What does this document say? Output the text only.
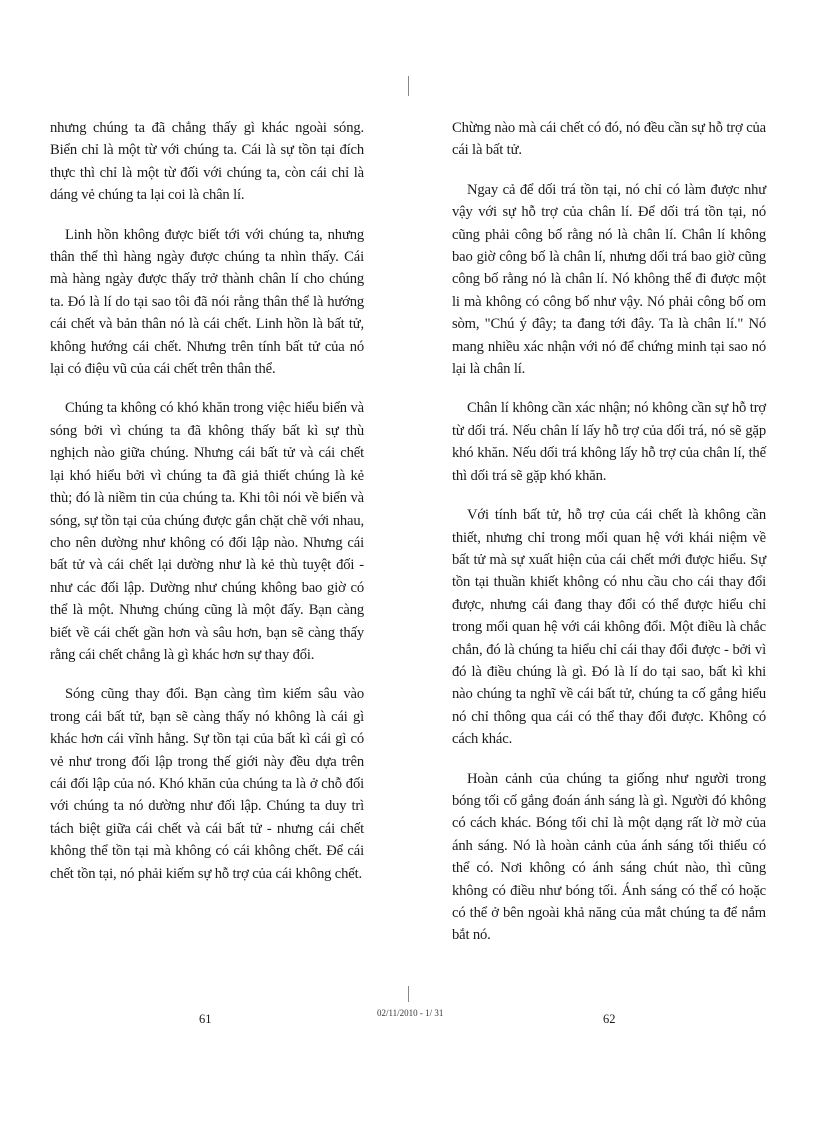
nhưng chúng ta đã chẳng thấy gì khác ngoài sóng. Biển chỉ là một từ với chúng ta. Cái là sự tồn tại đích thực thì chỉ là một từ đối với chúng ta, còn cái chỉ là dáng vẻ chúng ta lại coi là chân lí.

Linh hồn không được biết tới với chúng ta, nhưng thân thể thì hàng ngày được chúng ta nhìn thấy. Cái mà hàng ngày được thấy trở thành chân lí cho chúng ta. Đó là lí do tại sao tôi đã nói rằng thân thể là hướng cái chết và bản thân nó là cái chết. Linh hồn là bất tử, không hướng cái chết. Nhưng trên tính bất tử của nó lại có điệu vũ của cái chết trên thân thể.

Chúng ta không có khó khăn trong việc hiểu biển và sóng bởi vì chúng ta đã không thấy bất kì sự thù nghịch nào giữa chúng. Nhưng cái bất tử và cái chết lại khó hiểu bởi vì chúng ta đã giả thiết chúng là kẻ thù; đó là niềm tin của chúng ta. Khi tôi nói về biển và sóng, sự tồn tại của chúng được gắn chặt chẽ với nhau, cho nên dường như không có đối lập nào. Nhưng cái bất tử và cái chết lại dường như là kẻ thù tuyệt đối - như các đối lập. Dường như chúng không bao giờ có thể là một. Nhưng chúng cũng là một đấy. Bạn càng biết về cái chết gần hơn và sâu hơn, bạn sẽ càng thấy rằng cái chết chẳng là gì khác hơn sự thay đổi.

Sóng cũng thay đổi. Bạn càng tìm kiếm sâu vào trong cái bất tử, bạn sẽ càng thấy nó không là cái gì khác hơn cái vĩnh hằng. Sự tồn tại của bất kì cái gì có vẻ như trong đối lập trong thế giới này đều dựa trên cái đối lập của nó. Khó khăn của chúng ta là ở chỗ đối với chúng ta nó dường như đối lập. Chúng ta duy trì tách biệt giữa cái chết và cái bất tử - nhưng cái chết không thể tồn tại mà không có cái không chết. Để cái chết tồn tại, nó phải kiếm sự hỗ trợ của cái không chết.

Chừng nào mà cái chết có đó, nó đều cần sự hỗ trợ của cái là bất tử.

Ngay cả để dối trá tồn tại, nó chỉ có làm được như vậy với sự hỗ trợ của chân lí. Để dối trá tồn tại, nó cũng phải công bố rằng nó là chân lí. Chân lí không bao giờ công bố là chân lí, nhưng dối trá bao giờ cũng công bố rằng nó là chân lí. Nó không thể đi được một li mà không có công bố như vậy. Nó phải công bố om sòm, "Chú ý đây; ta đang tới đây. Ta là chân lí." Nó mang nhiều xác nhận với nó để chứng minh tại sao nó lại là chân lí.

Chân lí không cần xác nhận; nó không cần sự hỗ trợ từ dối trá. Nếu chân lí lấy hỗ trợ của dối trá, nó sẽ gặp khó khăn. Nếu dối trá không lấy hỗ trợ của chân lí, thế thì dối trá sẽ gặp khó khăn.

Với tính bất tử, hỗ trợ của cái chết là không cần thiết, nhưng chỉ trong mối quan hệ với khái niệm về bất tử mà sự xuất hiện của cái chết mới được hiểu. Sự tồn tại thuần khiết không có nhu cầu cho cái thay đổi được, nhưng cái đang thay đổi có thể được hiểu chỉ trong mối quan hệ với cái không đổi. Một điều là chắc chắn, đó là chúng ta hiểu chỉ cái thay đổi được - bởi vì đó là điều chúng là gì. Đó là lí do tại sao, bất kì khi nào chúng ta nghĩ về cái bất tử, chúng ta cố gắng hiểu nó chỉ thông qua cái có thể thay đổi được. Không có cách khác.

Hoàn cảnh của chúng ta giống như người trong bóng tối cố gắng đoán ánh sáng là gì. Người đó không có cách khác. Bóng tối chỉ là một dạng rất lờ mờ của ánh sáng. Nó là hoàn cảnh của ánh sáng tối thiểu có thể có. Nơi không có ánh sáng chút nào, thì cũng không có điều như bóng tối. Ánh sáng có thể có hoặc có thể ở bên ngoài khả năng của mắt chúng ta để nắm bắt nó.

61	02/11/2010 - 1/ 31	62
